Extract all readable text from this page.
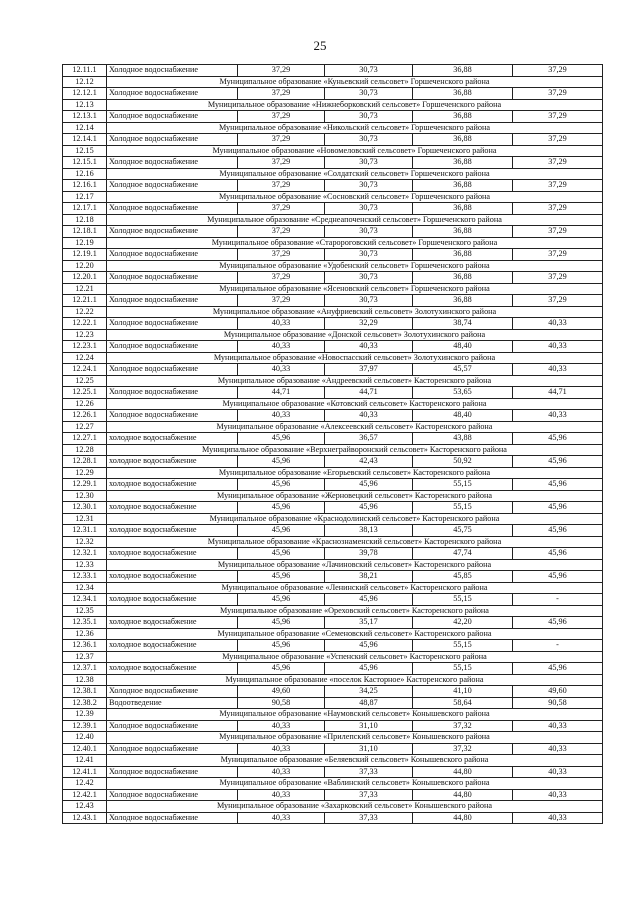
25
12.11.1	Холодное водоснабжение	37,29	30,73	36,88	37,29
12.12	Муниципальное образование «Куньевский сельсовет» Горшеченского района				
12.12.1	Холодное водоснабжение	37,29	30,73	36,88	37,29
12.13	Муниципальное образование «Нижнеборковский сельсовет» Горшеченского района				
12.13.1	Холодное водоснабжение	37,29	30,73	36,88	37,29
12.14	Муниципальное образование «Никольский сельсовет» Горшеченского района				
12.14.1	Холодное водоснабжение	37,29	30,73	36,88	37,29
12.15	Муниципальное образование «Новомеловский сельсовет» Горшеченского района				
12.15.1	Холодное водоснабжение	37,29	30,73	36,88	37,29
12.16	Муниципальное образование «Солдатский сельсовет» Горшеченского района				
12.16.1	Холодное водоснабжение	37,29	30,73	36,88	37,29
12.17	Муниципальное образование «Сосновский сельсовет» Горшеченского района				
12.17.1	Холодное водоснабжение	37,29	30,73	36,88	37,29
12.18	Муниципальное образование «Среднеапоченский сельсовет» Горшеченского района				
12.18.1	Холодное водоснабжение	37,29	30,73	36,88	37,29
12.19	Муниципальное образование «Старороговский сельсовет» Горшеченского района				
12.19.1	Холодное водоснабжение	37,29	30,73	36,88	37,29
12.20	Муниципальное образование «Удобенский сельсовет» Горшеченского района				
12.20.1	Холодное водоснабжение	37,29	30,73	36,88	37,29
12.21	Муниципальное образование «Ясеновский сельсовет» Горшеченского района				
12.21.1	Холодное водоснабжение	37,29	30,73	36,88	37,29
12.22	Муниципальное образование «Ануфриевский сельсовет» Золотухинского района				
12.22.1	Холодное водоснабжение	40,33	32,29	38,74	40,33
12.23	Муниципальное образование «Донской сельсовет» Золотухинского района				
12.23.1	Холодное водоснабжение	40,33	40,33	48,40	40,33
12.24	Муниципальное образование «Новоспасский сельсовет» Золотухинского района				
12.24.1	Холодное водоснабжение	40,33	37,97	45,57	40,33
12.25	Муниципальное образование «Андреевский сельсовет» Касторенского района				
12.25.1	Холодное водоснабжение	44,71	44,71	53,65	44,71
12.26	Муниципальное образование «Котовский сельсовет» Касторенского района				
12.26.1	Холодное водоснабжение	40,33	40,33	48,40	40,33
12.27	Муниципальное образование «Алексеевский сельсовет» Касторенского района				
12.27.1	холодное водоснабжение	45,96	36,57	43,88	45,96
12.28	Муниципальное образование «Верхнеграйворонский сельсовет» Касторенского района				
12.28.1	холодное водоснабжение	45,96	42,43	50,92	45,96
12.29	Муниципальное образование «Егорьевский сельсовет» Касторенского района				
12.29.1	холодное водоснабжение	45,96	45,96	55,15	45,96
12.30	Муниципальное образование «Жерновецкий сельсовет» Касторенского района				
12.30.1	холодное водоснабжение	45,96	45,96	55,15	45,96
12.31	Муниципальное образование «Краснодолинский сельсовет» Касторенского района				
12.31.1	холодное водоснабжение	45,96	38,13	45,75	45,96
12.32	Муниципальное образование «Краснознаменский сельсовет» Касторенского района				
12.32.1	холодное водоснабжение	45,96	39,78	47,74	45,96
12.33	Муниципальное образование «Лачиновский сельсовет» Касторенского района				
12.33.1	холодное водоснабжение	45,96	38,21	45,85	45,96
12.34	Муниципальное образование «Ленинский сельсовет» Касторенского района				
12.34.1	холодное водоснабжение	45,96	45,96	55,15	-
12.35	Муниципальное образование «Ореховский сельсовет» Касторенского района				
12.35.1	холодное водоснабжение	45,96	35,17	42,20	45,96
12.36	Муниципальное образование «Семеновский сельсовет» Касторенского района				
12.36.1	холодное водоснабжение	45,96	45,96	55,15	-
12.37	Муниципальное образование «Успенский сельсовет» Касторенского района				
12.37.1	холодное водоснабжение	45,96	45,96	55,15	45,96
12.38	Муниципальное образование «поселок Касторное» Касторенского района				
12.38.1	Холодное водоснабжение	49,60	34,25	41,10	49,60
12.38.2	Водоотведение	90,58	48,87	58,64	90,58
12.39	Муниципальное образование «Наумовский сельсовет» Конышевского района				
12.39.1	Холодное водоснабжение	40,33	31,10	37,32	40,33
12.40	Муниципальное образование «Прилепский сельсовет» Конышевского района				
12.40.1	Холодное водоснабжение	40,33	31,10	37,32	40,33
12.41	Муниципальное образование «Беляевский сельсовет» Конышевского района				
12.41.1	Холодное водоснабжение	40,33	37,33	44,80	40,33
12.42	Муниципальное образование «Ваблинский сельсовет» Конышевского района				
12.42.1	Холодное водоснабжение	40,33	37,33	44,80	40,33
12.43	Муниципальное образование «Захарковский сельсовет» Конышевского района				
12.43.1	Холодное водоснабжение	40,33	37,33	44,80	40,33
